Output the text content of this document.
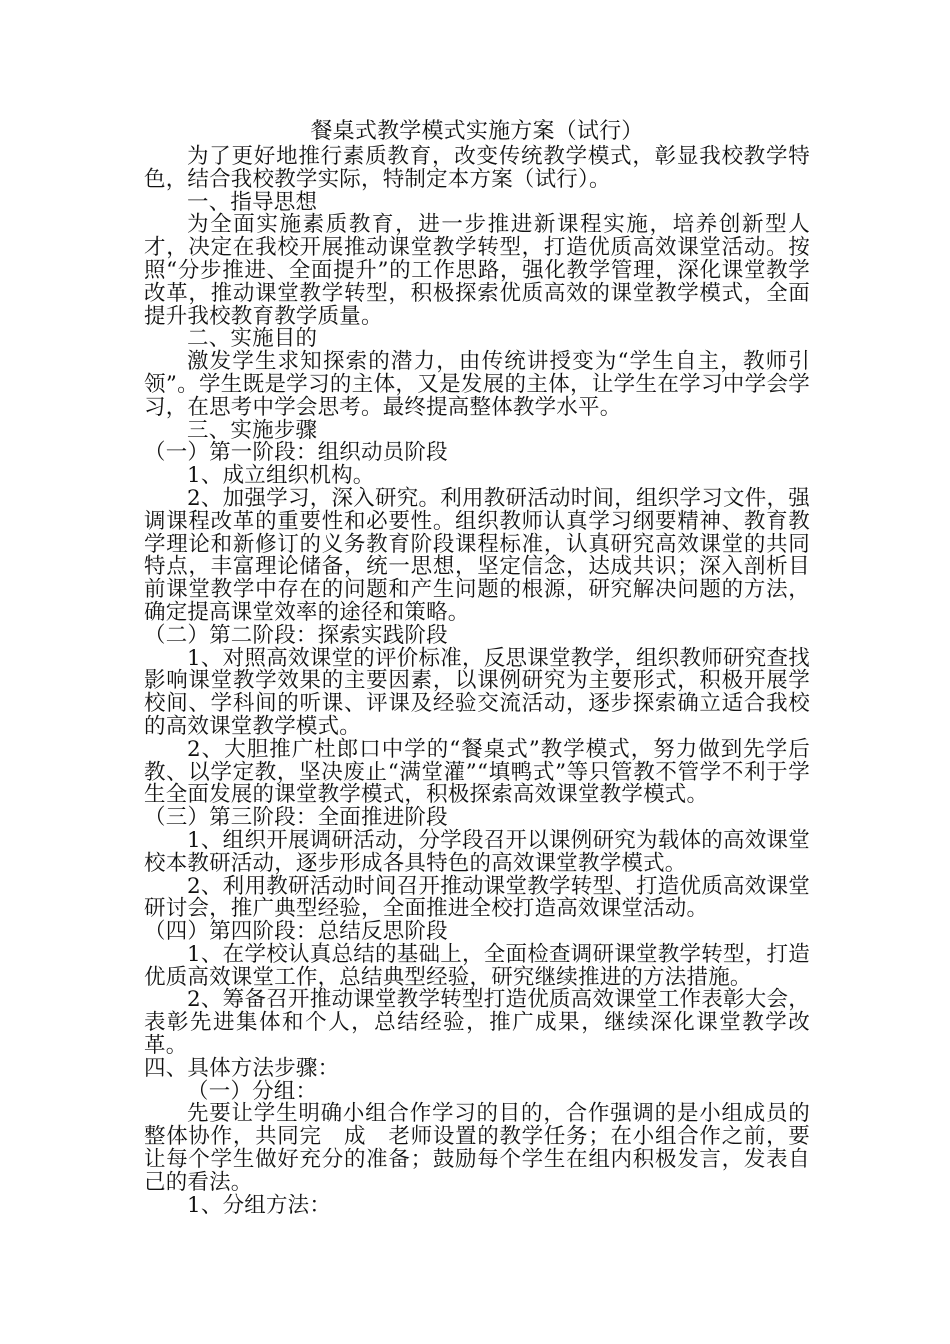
餐桌式教学模式实施方案（试行）

为了更好地推行素质教育，改变传统教学模式，彰显我校教学特色，结合我校教学实际，特制定本方案（试行）。

一、指导思想

为全面实施素质教育，进一步推进新课程实施，培养创新型人才，决定在我校开展推动课堂教学转型，打造优质高效课堂活动。按照“分步推进、全面提升”的工作思路，强化教学管理，深化课堂教学改革，推动课堂教学转型，积极探索优质高效的课堂教学模式，全面提升我校教育教学质量。

二、实施目的

激发学生求知探索的潜力，由传统讲授变为“学生自主，教师引领”。学生既是学习的主体，又是发展的主体，让学生在学习中学会学习，在思考中学会思考。最终提高整体教学水平。

三、实施步骤

（一）第一阶段：组织动员阶段

1、成立组织机构。

2、加强学习，深入研究。利用教研活动时间，组织学习文件，强调课程改革的重要性和必要性。组织教师认真学习纲要精神、教育教学理论和新修订的义务教育阶段课程标准，认真研究高效课堂的共同特点，丰富理论储备，统一思想，坚定信念，达成共识；深入剖析目前课堂教学中存在的问题和产生问题的根源，研究解决问题的方法，确定提高课堂效率的途径和策略。

（二）第二阶段：探索实践阶段

1、对照高效课堂的评价标准，反思课堂教学，组织教师研究查找影响课堂教学效果的主要因素，以课例研究为主要形式，积极开展学校间、学科间的听课、评课及经验交流活动，逐步探索确立适合我校的高效课堂教学模式。

2、大胆推广杜郎口中学的“餐桌式”教学模式，努力做到先学后教、以学定教，坚决废止“满堂灌”“填鸭式”等只管教不管学不利于学生全面发展的课堂教学模式，积极探索高效课堂教学模式。

（三）第三阶段：全面推进阶段

1、组织开展调研活动，分学段召开以课例研究为载体的高效课堂校本教研活动，逐步形成各具特色的高效课堂教学模式。

2、利用教研活动时间召开推动课堂教学转型、打造优质高效课堂研讨会，推广典型经验，全面推进全校打造高效课堂活动。

（四）第四阶段：总结反思阶段

1、在学校认真总结的基础上，全面检查调研课堂教学转型，打造优质高效课堂工作，总结典型经验，研究继续推进的方法措施。

2、筹备召开推动课堂教学转型打造优质高效课堂工作表彰大会，表彰先进集体和个人，总结经验，推广成果，继续深化课堂教学改革。

四、具体方法步骤：

（一）分组：

先要让学生明确小组合作学习的目的，合作强调的是小组成员的整体协作，共同完　成　老师设置的教学任务；在小组合作之前，要让每个学生做好充分的准备；鼓励每个学生在组内积极发言，发表自己的看法。

1、分组方法：
